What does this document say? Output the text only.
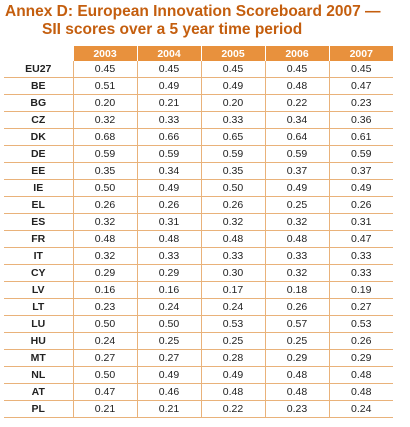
Annex D: European Innovation Scoreboard 2007 —
SII scores over a 5 year time period
	2003	2004	2005	2006	2007
EU27	0.45	0.45	0.45	0.45	0.45
BE	0.51	0.49	0.49	0.48	0.47
BG	0.20	0.21	0.20	0.22	0.23
CZ	0.32	0.33	0.33	0.34	0.36
DK	0.68	0.66	0.65	0.64	0.61
DE	0.59	0.59	0.59	0.59	0.59
EE	0.35	0.34	0.35	0.37	0.37
IE	0.50	0.49	0.50	0.49	0.49
EL	0.26	0.26	0.26	0.25	0.26
ES	0.32	0.31	0.32	0.32	0.31
FR	0.48	0.48	0.48	0.48	0.47
IT	0.32	0.33	0.33	0.33	0.33
CY	0.29	0.29	0.30	0.32	0.33
LV	0.16	0.16	0.17	0.18	0.19
LT	0.23	0.24	0.24	0.26	0.27
LU	0.50	0.50	0.53	0.57	0.53
HU	0.24	0.25	0.25	0.25	0.26
MT	0.27	0.27	0.28	0.29	0.29
NL	0.50	0.49	0.49	0.48	0.48
AT	0.47	0.46	0.48	0.48	0.48
PL	0.21	0.21	0.22	0.23	0.24
